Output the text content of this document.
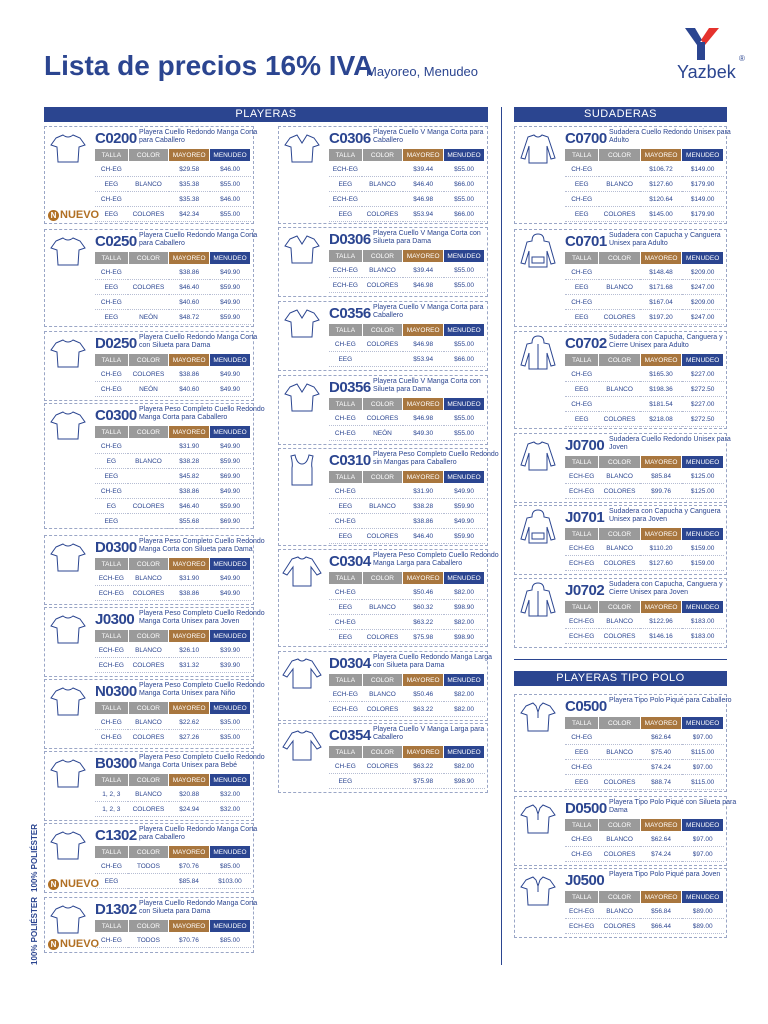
Lista de precios 16% IVA
Mayoreo, Menudeo	Yazbek
®
PLAYERAS	SUDADERAS
PLAYERAS TIPO POLO
100% POLIÉSTER
100% POLIÉSTER
C0200 Playera Cuello Redondo Manga Corta para Caballero
TALLA	COLOR	MAYOREO	MENUDEO
CH-EG		$29.58	$46.00
EEG	BLANCO	$35.38	$55.00
CH-EG		$35.38	$46.00
EEG	COLORES	$42.34	$55.00
N NUEVO
C0250 Playera Cuello Redondo Manga Corta para Caballero
TALLA	COLOR	MAYOREO	MENUDEO
CH-EG		$38.86	$49.90
EEG	COLORES	$46.40	$59.90
CH-EG		$40.60	$49.90
EEG	NEÓN	$48.72	$59.90
D0250 Playera Cuello Redondo Manga Corta con Silueta para Dama
TALLA	COLOR	MAYOREO	MENUDEO
CH-EG	COLORES	$38.86	$49.90
CH-EG	NEÓN	$40.60	$49.90
C0300 Playera Peso Completo Cuello Redondo Manga Corta para Caballero
TALLA	COLOR	MAYOREO	MENUDEO
CH-EG		$31.90	$49.90
EG	BLANCO	$38.28	$59.90
EEG		$45.82	$69.90
CH-EG		$38.86	$49.90
EG	COLORES	$46.40	$59.90
EEG		$55.68	$69.90
D0300 Playera Peso Completo Cuello Redondo Manga Corta con Silueta para Dama
TALLA	COLOR	MAYOREO	MENUDEO
ECH-EG	BLANCO	$31.90	$49.90
ECH-EG	COLORES	$38.86	$49.90
J0300 Playera Peso Completo Cuello Redondo Manga Corta Unisex para Joven
TALLA	COLOR	MAYOREO	MENUDEO
ECH-EG	BLANCO	$26.10	$39.90
ECH-EG	COLORES	$31.32	$39.90
N0300 Playera Peso Completo Cuello Redondo Manga Corta Unisex para Niño
TALLA	COLOR	MAYOREO	MENUDEO
CH-EG	BLANCO	$22.62	$35.00
CH-EG	COLORES	$27.26	$35.00
B0300 Playera Peso Completo Cuello Redondo Manga Corta Unisex para Bebé
TALLA	COLOR	MAYOREO	MENUDEO
1, 2, 3	BLANCO	$20.88	$32.00
1, 2, 3	COLORES	$24.94	$32.00
C1302 Playera Cuello Redondo Manga Corta para Caballero
TALLA	COLOR	MAYOREO	MENUDEO
CH-EG	TODOS	$70.76	$85.00
EEG		$85.84	$103.00
N NUEVO
D1302 Playera Cuello Redondo Manga Corta con Silueta para Dama
TALLA	COLOR	MAYOREO	MENUDEO
CH-EG	TODOS	$70.76	$85.00
N NUEVO
C0306 Playera Cuello V Manga Corta para Caballero
TALLA	COLOR	MAYOREO	MENUDEO
ECH-EG		$39.44	$55.00
EEG	BLANCO	$46.40	$66.00
ECH-EG		$46.98	$55.00
EEG	COLORES	$53.94	$66.00
D0306 Playera Cuello V Manga Corta con Silueta para Dama
TALLA	COLOR	MAYOREO	MENUDEO
ECH-EG	BLANCO	$39.44	$55.00
ECH-EG	COLORES	$46.98	$55.00
C0356 Playera Cuello V Manga Corta para Caballero
TALLA	COLOR	MAYOREO	MENUDEO
CH-EG	COLORES	$46.98	$55.00
EEG		$53.94	$66.00
D0356 Playera Cuello V Manga Corta con Silueta para Dama
TALLA	COLOR	MAYOREO	MENUDEO
CH-EG	COLORES	$46.98	$55.00
CH-EG	NEÓN	$49.30	$55.00
C0310 Playera Peso Completo Cuello Redondo sin Mangas para Caballero
TALLA	COLOR	MAYOREO	MENUDEO
CH-EG		$31.90	$49.90
EEG	BLANCO	$38.28	$59.90
CH-EG		$38.86	$49.90
EEG	COLORES	$46.40	$59.90
C0304 Playera Peso Completo Cuello Redondo Manga Larga para Caballero
TALLA	COLOR	MAYOREO	MENUDEO
CH-EG		$50.46	$82.00
EEG	BLANCO	$60.32	$98.90
CH-EG		$63.22	$82.00
EEG	COLORES	$75.98	$98.90
D0304 Playera Cuello Redondo Manga Larga con Silueta para Dama
TALLA	COLOR	MAYOREO	MENUDEO
ECH-EG	BLANCO	$50.46	$82.00
ECH-EG	COLORES	$63.22	$82.00
C0354 Playera Cuello V Manga Larga para Caballero
TALLA	COLOR	MAYOREO	MENUDEO
CH-EG	COLORES	$63.22	$82.00
EEG		$75.98	$98.90
C0700 Sudadera Cuello Redondo Unisex para Adulto
TALLA	COLOR	MAYOREO	MENUDEO
CH-EG		$106.72	$149.00
EEG	BLANCO	$127.60	$179.90
CH-EG		$120.64	$149.00
EEG	COLORES	$145.00	$179.90
C0701 Sudadera con Capucha y Canguera Unisex para Adulto
TALLA	COLOR	MAYOREO	MENUDEO
CH-EG		$148.48	$209.00
EEG	BLANCO	$171.68	$247.00
CH-EG		$167.04	$209.00
EEG	COLORES	$197.20	$247.00
C0702 Sudadera con Capucha, Canguera y Cierre Unisex para Adulto
TALLA	COLOR	MAYOREO	MENUDEO
CH-EG		$165.30	$227.00
EEG	BLANCO	$198.36	$272.50
CH-EG		$181.54	$227.00
EEG	COLORES	$218.08	$272.50
J0700 Sudadera Cuello Redondo Unisex para Joven
TALLA	COLOR	MAYOREO	MENUDEO
ECH-EG	BLANCO	$85.84	$125.00
ECH-EG	COLORES	$99.76	$125.00
J0701 Sudadera con Capucha y Canguera Unisex para Joven
TALLA	COLOR	MAYOREO	MENUDEO
ECH-EG	BLANCO	$110.20	$159.00
ECH-EG	COLORES	$127.60	$159.00
J0702 Sudadera con Capucha, Canguera y Cierre Unisex para Joven
TALLA	COLOR	MAYOREO	MENUDEO
ECH-EG	BLANCO	$122.96	$183.00
ECH-EG	COLORES	$146.16	$183.00
C0500 Playera Tipo Polo Piqué para Caballero
TALLA	COLOR	MAYOREO	MENUDEO
CH-EG		$62.64	$97.00
EEG	BLANCO	$75.40	$115.00
CH-EG		$74.24	$97.00
EEG	COLORES	$88.74	$115.00
D0500 Playera Tipo Polo Piqué con Silueta para Dama
TALLA	COLOR	MAYOREO	MENUDEO
CH-EG	BLANCO	$62.64	$97.00
CH-EG	COLORES	$74.24	$97.00
J0500 Playera Tipo Polo Piqué para Joven
TALLA	COLOR	MAYOREO	MENUDEO
ECH-EG	BLANCO	$56.84	$89.00
ECH-EG	COLORES	$66.44	$89.00
